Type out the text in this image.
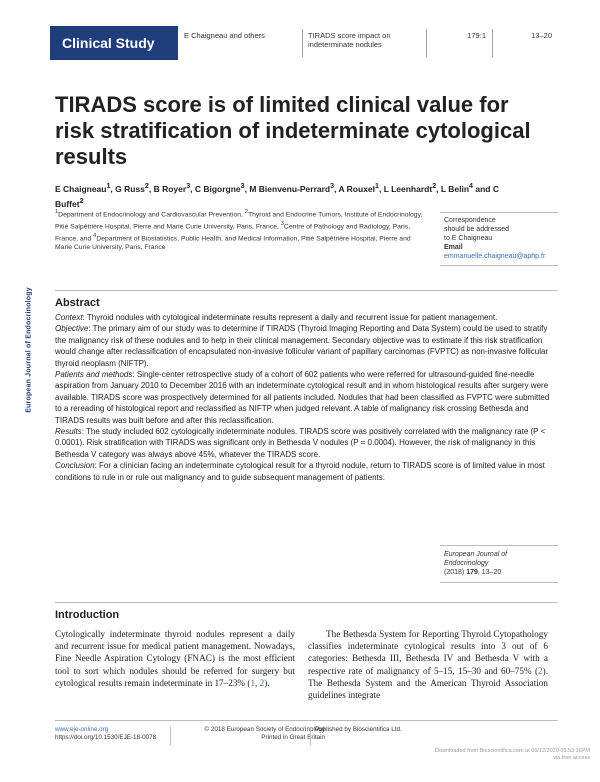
Clinical Study	E Chaigneau and others	TIRADS score impact on
indeterminate nodules
179:1	13–20
European Journal of Endocrinology
TIRADS score is of limited clinical value for risk stratification of indeterminate cytological results
E Chaigneau$^1$, G Russ$^2$, B Royer$^3$, C Bigorgne$^3$, M Bienvenu-Perrard$^3$, A Rouxel$^1$, L Leenhardt$^2$, L Belin$^4$ and C Buffet$^2$
$^1$Department of Endocrinology and Cardiovascular Prevention, $^2$Thyroid and Endocrine Tumors, Institute of Endocrinology, Pitié Salpêtrière Hospital, Pierre and Marie Curie University, Paris, France, $^3$Centre of Pathology and Radiology, Paris, France, and $^4$Department of Biostatistics, Public Health, and Medical Information, Pitié Salpêtrière Hospital, Pierre and Marie Curie University, Paris, France
Correspondence
should be addressed
to E Chaigneau
Email
emmanuelle.chaigneau@aphp.fr
Abstract

Context: Thyroid nodules with cytological indeterminate results represent a daily and recurrent issue for patient management.

Objective: The primary aim of our study was to determine if TIRADS (Thyroid Imaging Reporting and Data System) could be used to stratify the malignancy risk of these nodules and to help in their clinical management. Secondary objective was to estimate if this risk stratification would change after reclassification of encapsulated non-invasive follicular variant of papillary carcinomas (FVPTC) as non-invasive follicular thyroid neoplasm (NIFTP).

Patients and methods: Single-center retrospective study of a cohort of 602 patients who were referred for ultrasound-guided fine-needle aspiration from January 2010 to December 2016 with an indeterminate cytological result and in whom histological results after surgery were available. TIRADS score was prospectively determined for all patients included. Nodules that had been classified as FVPTC were submitted to a rereading of histological report and reclassified as NIFTP when judged relevant. A table of malignancy risk crossing Bethesda and TIRADS results was built before and after this reclassification.

Results: The study included 602 cytologically indeterminate nodules. TIRADS score was positively correlated with the malignancy rate (P < 0.0001). Risk stratification with TIRADS was significant only in Bethesda V nodules (P = 0.0004). However, the risk of malignancy in this Bethesda V category was always above 45%, whatever the TIRADS score.

Conclusion: For a clinician facing an indeterminate cytological result for a thyroid nodule, return to TIRADS score is of limited value in most conditions to rule in or rule out malignancy and to guide subsequent management of patients.

European Journal of
Endocrinology
(2018) 179, 13–20
Introduction
Cytologically indeterminate thyroid nodules represent a daily and recurrent issue for medical patient management. Nowadays, Fine Needle Aspiration Cytology (FNAC) is the most efficient tool to sort which nodules should be referred for surgery but cytological results remain indeterminate in 17–23% (1, 2).
The Bethesda System for Reporting Thyroid Cytopathology classifies indeterminate cytological results into 3 out of 6 categories: Bethesda III, Bethesda IV and Bethesda V with a respective rate of malignancy of 5–15, 15–30 and 60–75% (2). The Bethesda System and the American Thyroid Association guidelines integrate
www.eje-online.org
https://doi.org/10.1530/EJE-18-0078
© 2018 European Society of Endocrinology
Printed in Great Britain
Published by Bioscientifica Ltd.
Downloaded from Bioscientifica.com at 06/12/2020 09:53:16PM
via free access
